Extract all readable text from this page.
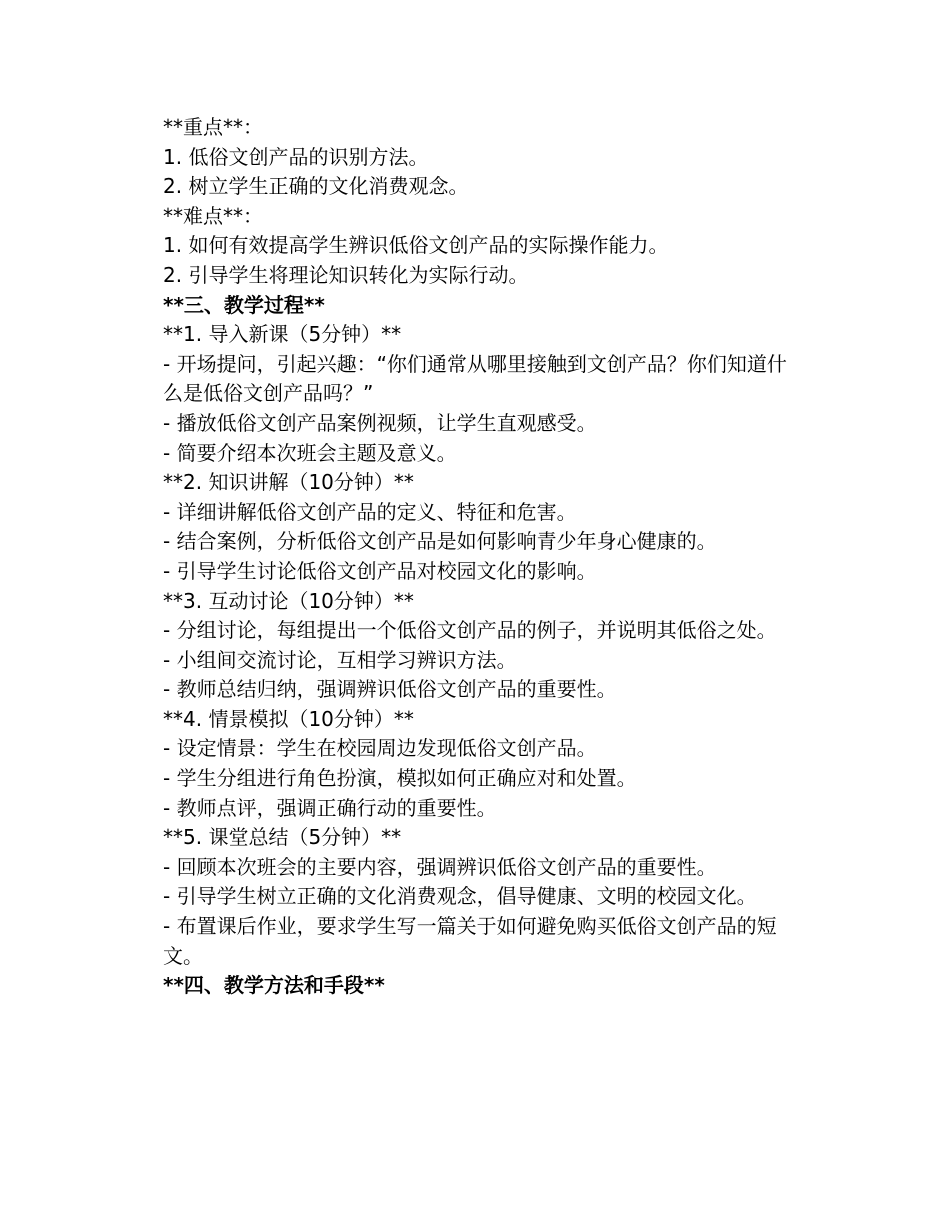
**重点**：

1. 低俗文创产品的识别方法。

2. 树立学生正确的文化消费观念。

**难点**：

1. 如何有效提高学生辨识低俗文创产品的实际操作能力。

2. 引导学生将理论知识转化为实际行动。

**三、教学过程**

**1. 导入新课（5分钟）**

- 开场提问，引起兴趣：“你们通常从哪里接触到文创产品？你们知道什么是低俗文创产品吗？”

- 播放低俗文创产品案例视频，让学生直观感受。

- 简要介绍本次班会主题及意义。

**2. 知识讲解（10分钟）**

- 详细讲解低俗文创产品的定义、特征和危害。

- 结合案例，分析低俗文创产品是如何影响青少年身心健康的。

- 引导学生讨论低俗文创产品对校园文化的影响。

**3. 互动讨论（10分钟）**

- 分组讨论，每组提出一个低俗文创产品的例子，并说明其低俗之处。

- 小组间交流讨论，互相学习辨识方法。

- 教师总结归纳，强调辨识低俗文创产品的重要性。

**4. 情景模拟（10分钟）**

- 设定情景：学生在校园周边发现低俗文创产品。

- 学生分组进行角色扮演，模拟如何正确应对和处置。

- 教师点评，强调正确行动的重要性。

**5. 课堂总结（5分钟）**

- 回顾本次班会的主要内容，强调辨识低俗文创产品的重要性。

- 引导学生树立正确的文化消费观念，倡导健康、文明的校园文化。

- 布置课后作业，要求学生写一篇关于如何避免购买低俗文创产品的短文。

**四、教学方法和手段**
